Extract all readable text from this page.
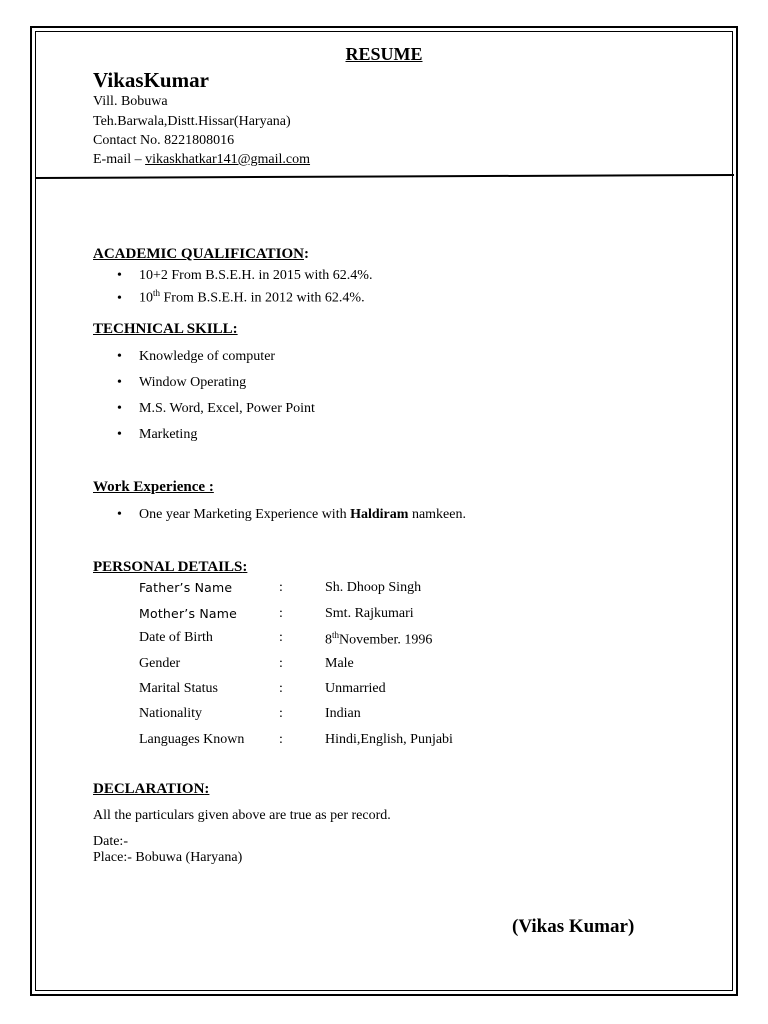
RESUME
VikasKumar
Vill. Bobuwa
Teh.Barwala,Distt.Hissar(Haryana)
Contact No. 8221808016
E-mail – vikaskhatkar141@gmail.com
ACADEMIC QUALIFICATION:
• 10+2 From B.S.E.H. in 2015 with 62.4%.
• 10th From B.S.E.H. in 2012 with 62.4%.
TECHNICAL SKILL:
• Knowledge of computer
• Window Operating
• M.S. Word, Excel, Power Point
• Marketing
Work Experience :
• One year Marketing Experience with Haldiram namkeen.
PERSONAL DETAILS:
Father’s Name	:	Sh. Dhoop Singh
Mother’s Name	:	Smt. Rajkumari
Date of Birth	:	8thNovember. 1996
Gender	:	Male
Marital Status	:	Unmarried
Nationality	:	Indian
Languages Known :	Hindi,English, Punjabi
DECLARATION:
All the particulars given above are true as per record.
Date:-
Place:- Bobuwa (Haryana)
(Vikas Kumar)
